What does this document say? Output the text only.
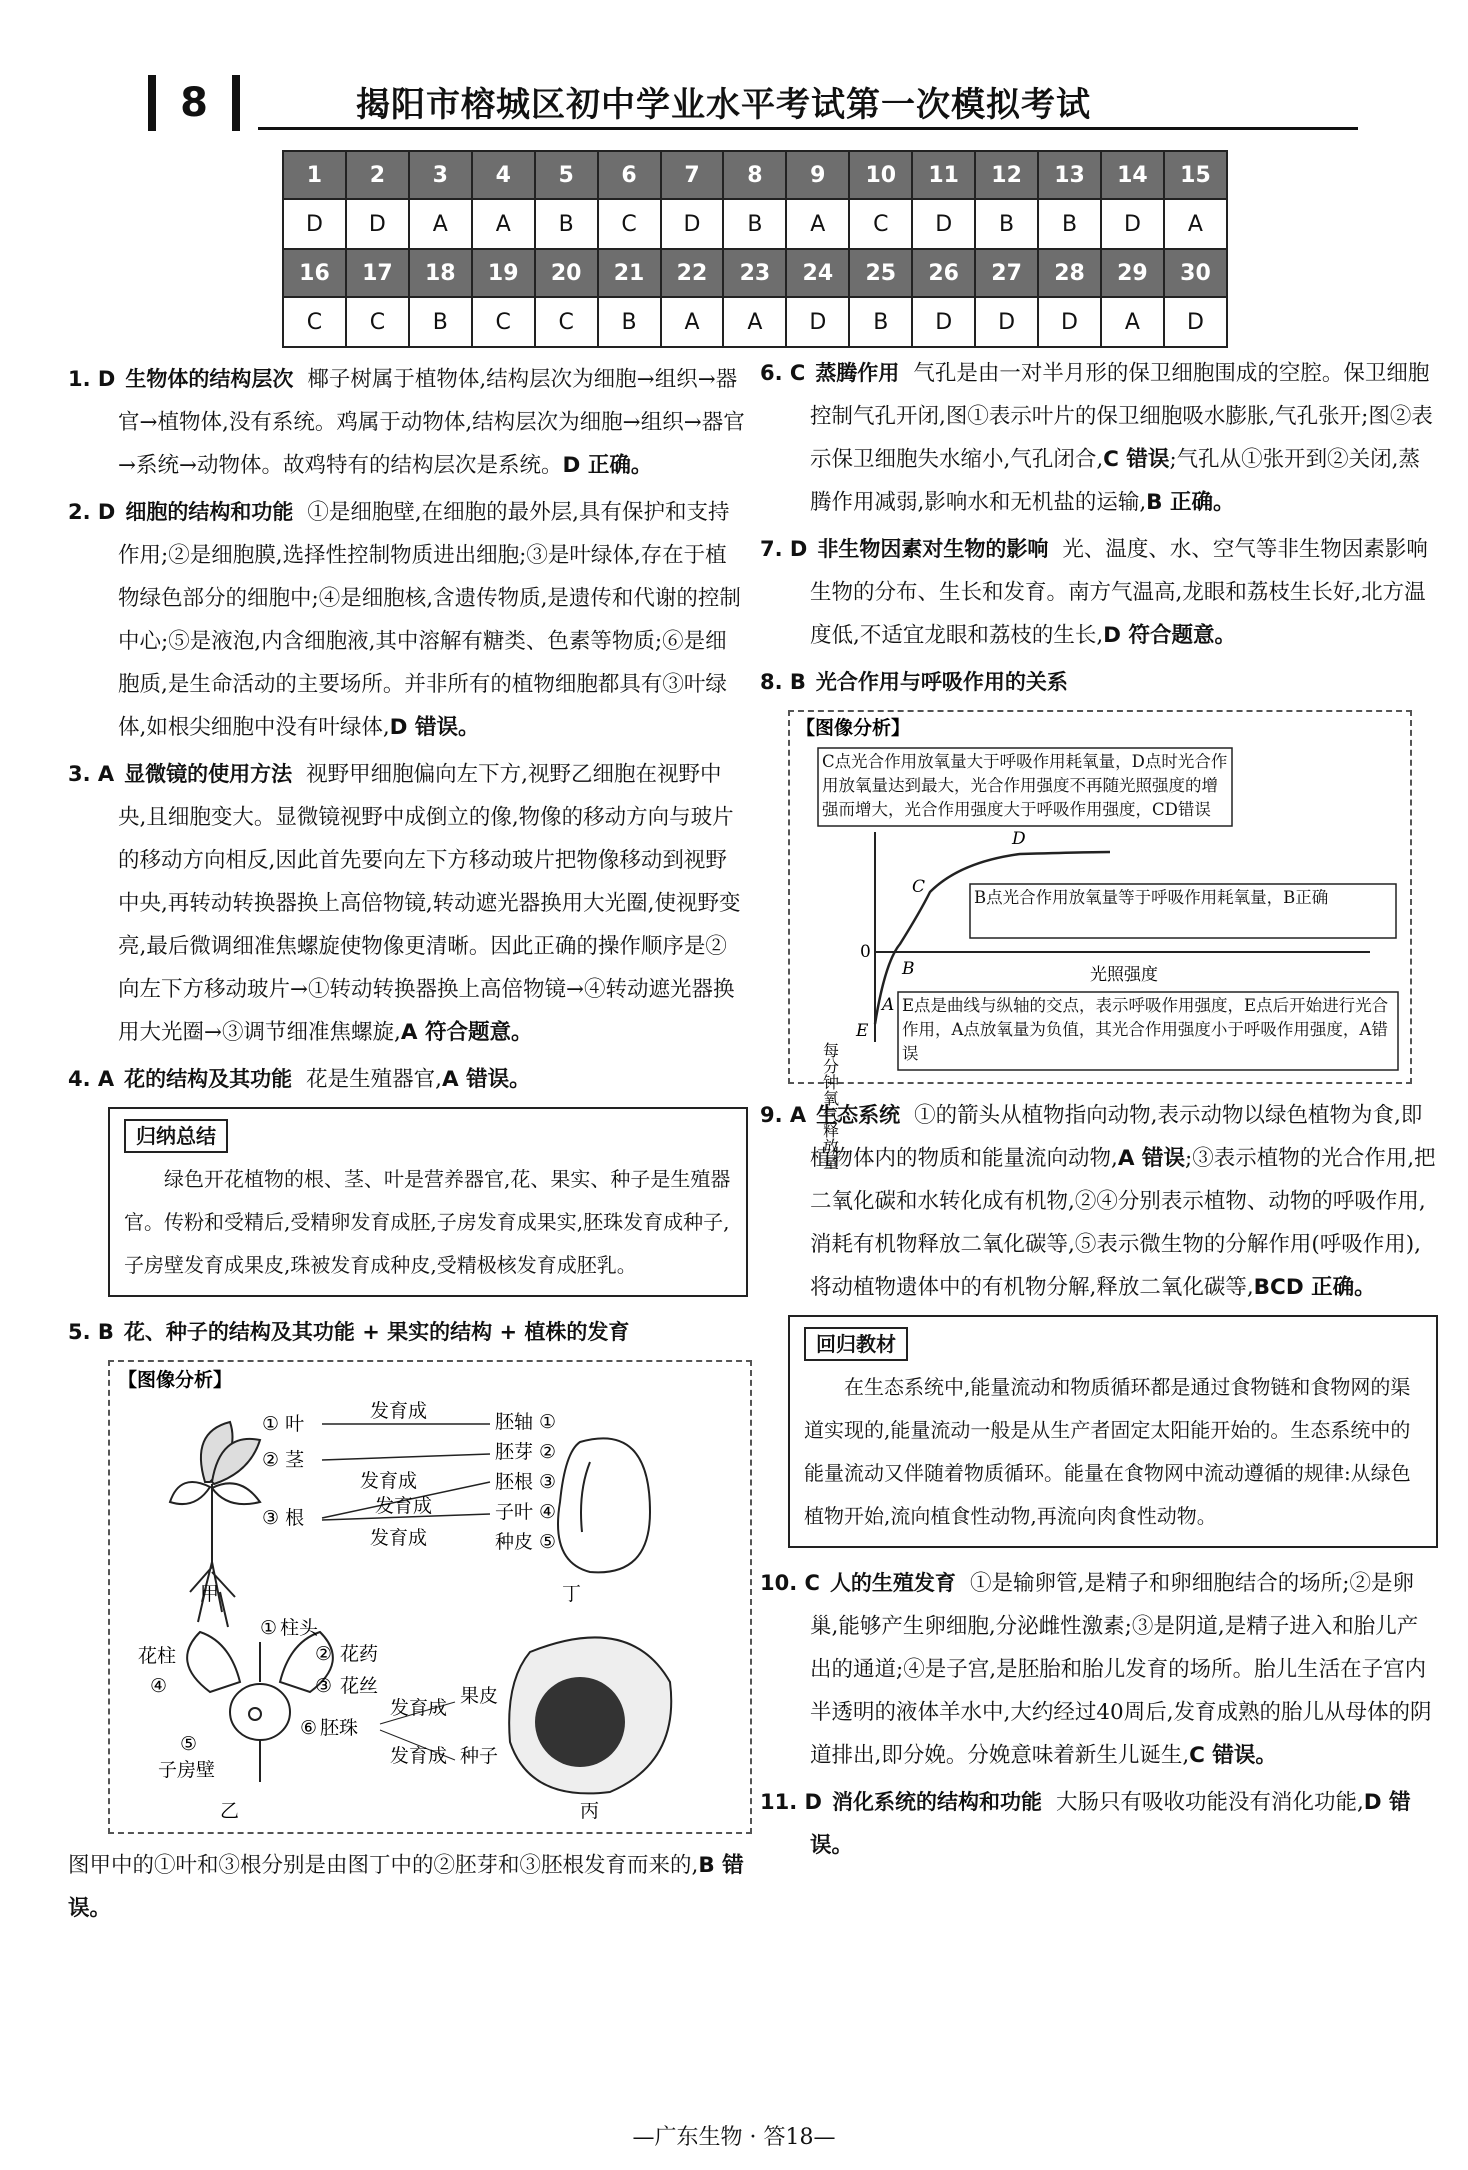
8	揭阳市榕城区初中学业水平考试第一次模拟考试
1	2	3	4	5	6	7	8	9	10	11	12	13	14	15
D	D	A	A	B	C	D	B	A	C	D	B	B	D	A
16	17	18	19	20	21	22	23	24	25	26	27	28	29	30
C	C	B	C	C	B	A	A	D	B	D	D	D	A	D
1. D 生物体的结构层次 椰子树属于植物体,结构层次为细胞→组织→器官→植物体,没有系统。鸡属于动物体,结构层次为细胞→组织→器官→系统→动物体。故鸡特有的结构层次是系统。D 正确。
2. D 细胞的结构和功能 ①是细胞壁,在细胞的最外层,具有保护和支持作用;②是细胞膜,选择性控制物质进出细胞;③是叶绿体,存在于植物绿色部分的细胞中;④是细胞核,含遗传物质,是遗传和代谢的控制中心;⑤是液泡,内含细胞液,其中溶解有糖类、色素等物质;⑥是细胞质,是生命活动的主要场所。并非所有的植物细胞都具有③叶绿体,如根尖细胞中没有叶绿体,D 错误。
3. A 显微镜的使用方法 视野甲细胞偏向左下方,视野乙细胞在视野中央,且细胞变大。显微镜视野中成倒立的像,物像的移动方向与玻片的移动方向相反,因此首先要向左下方移动玻片把物像移动到视野中央,再转动转换器换上高倍物镜,转动遮光器换用大光圈,使视野变亮,最后微调细准焦螺旋使物像更清晰。因此正确的操作顺序是②向左下方移动玻片→①转动转换器换上高倍物镜→④转动遮光器换用大光圈→③调节细准焦螺旋,A 符合题意。
4. A 花的结构及其功能 花是生殖器官,A 错误。
归纳总结

绿色开花植物的根、茎、叶是营养器官,花、果实、种子是生殖器官。传粉和受精后,受精卵发育成胚,子房发育成果实,胚珠发育成种子,子房壁发育成果皮,珠被发育成种皮,受精极核发育成胚乳。

5. B 花、种子的结构及其功能 + 果实的结构 + 植株的发育
【图像分析】
① 叶
② 茎
③ 根
发育成
发育成
发育成
发育成
胚轴 ①
胚芽 ②
胚根 ③
子叶 ④
种皮 ⑤
甲	丁
柱头
花药
花丝
花柱
胚珠
子房壁
①
②
③
④
⑤
⑥
发育成
发育成
果皮
种子
乙	丙
图甲中的①叶和③根分别是由图丁中的②胚芽和③胚根发育而来的,B 错误。
6. C 蒸腾作用 气孔是由一对半月形的保卫细胞围成的空腔。保卫细胞控制气孔开闭,图①表示叶片的保卫细胞吸水膨胀,气孔张开;图②表示保卫细胞失水缩小,气孔闭合,C 错误;气孔从①张开到②关闭,蒸腾作用减弱,影响水和无机盐的运输,B 正确。
7. D 非生物因素对生物的影响 光、温度、水、空气等非生物因素影响生物的分布、生长和发育。南方气温高,龙眼和荔枝生长好,北方温度低,不适宜龙眼和荔枝的生长,D 符合题意。
8. B 光合作用与呼吸作用的关系
【图像分析】
C点光合作用放氧量大于呼吸作用耗氧量，D点时光合作用放氧量达到最大，光合作用强度不再随光照强度的增强而增大，光合作用强度大于呼吸作用强度，CD错误
每分钟氧气释放量
光照强度
A
B
C
D
E
0
B点光合作用放氧量等于呼吸作用耗氧量，B正确
E点是曲线与纵轴的交点，表示呼吸作用强度，E点后开始进行光合作用，A点放氧量为负值，其光合作用强度小于呼吸作用强度，A错误
9. A 生态系统 ①的箭头从植物指向动物,表示动物以绿色植物为食,即植物体内的物质和能量流向动物,A 错误;③表示植物的光合作用,把二氧化碳和水转化成有机物,②④分别表示植物、动物的呼吸作用,消耗有机物释放二氧化碳等,⑤表示微生物的分解作用(呼吸作用),将动植物遗体中的有机物分解,释放二氧化碳等,BCD 正确。
回归教材

在生态系统中,能量流动和物质循环都是通过食物链和食物网的渠道实现的,能量流动一般是从生产者固定太阳能开始的。生态系统中的能量流动又伴随着物质循环。能量在食物网中流动遵循的规律:从绿色植物开始,流向植食性动物,再流向肉食性动物。

10. C 人的生殖发育 ①是输卵管,是精子和卵细胞结合的场所;②是卵巢,能够产生卵细胞,分泌雌性激素;③是阴道,是精子进入和胎儿产出的通道;④是子宫,是胚胎和胎儿发育的场所。胎儿生活在子宫内半透明的液体羊水中,大约经过40周后,发育成熟的胎儿从母体的阴道排出,即分娩。分娩意味着新生儿诞生,C 错误。
11. D 消化系统的结构和功能 大肠只有吸收功能没有消化功能,D 错误。
—广东生物 · 答18—
